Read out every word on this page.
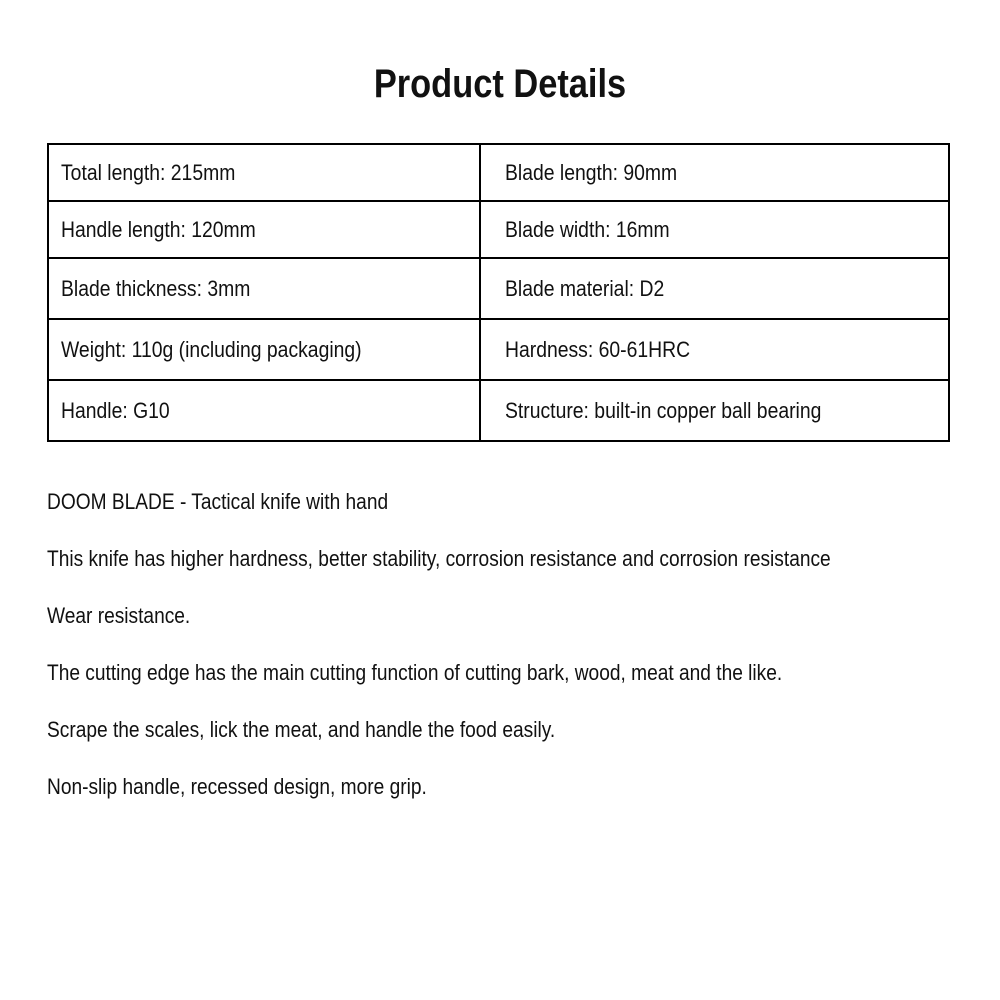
Product Details
Total length: 215mm	Blade length: 90mm
Handle length: 120mm	Blade width: 16mm
Blade thickness: 3mm	Blade material: D2
Weight: 110g (including packaging)	Hardness: 60-61HRC
Handle: G10	Structure: built-in copper ball bearing
DOOM BLADE - Tactical knife with hand
This knife has higher hardness, better stability, corrosion resistance and corrosion resistance
Wear resistance.
The cutting edge has the main cutting function of cutting bark, wood, meat and the like.
Scrape the scales, lick the meat, and handle the food easily.
Non-slip handle, recessed design, more grip.
